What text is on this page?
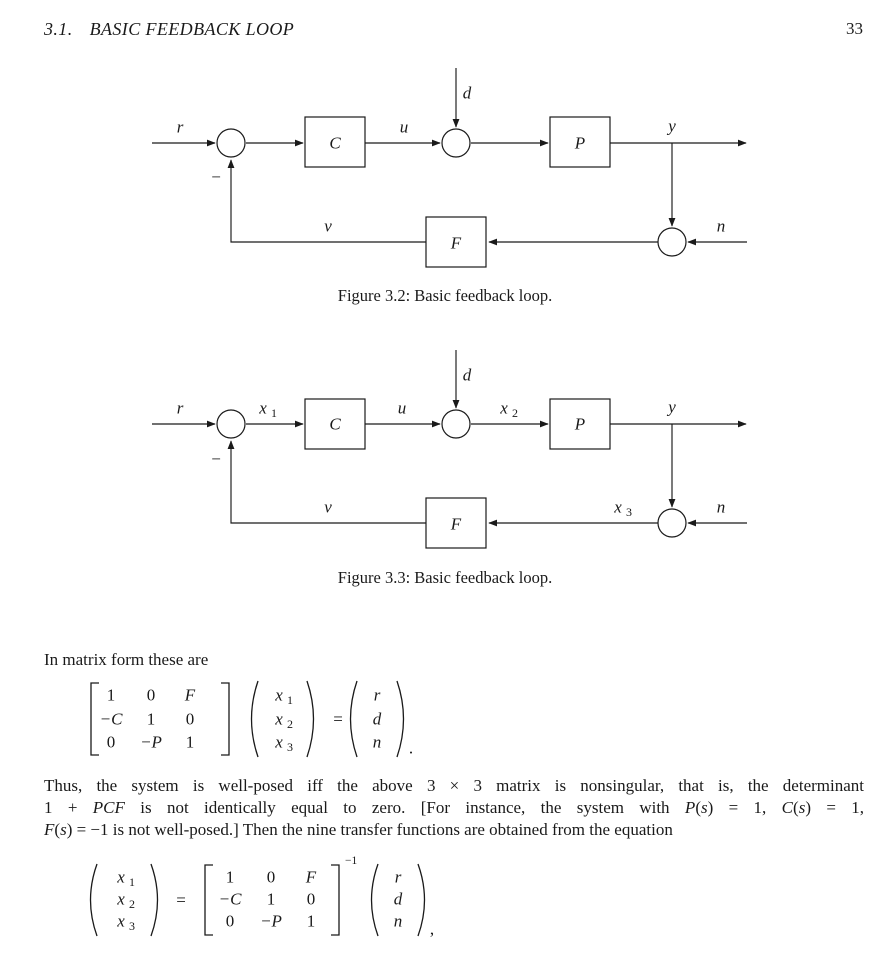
3.1. BASIC FEEDBACK LOOP	33
C	P
F
r	u
d
y
n
v
−
Figure 3.2: Basic feedback loop.
C	P
F
r	x 1	u
d
x 2	y
n
x 3
v
−
Figure 3.3: Basic feedback loop.
In matrix form these are
1 0 F
−C 1 0
0 −P 1
x 1
x 2
x 3
=
r
d
n .
Thus, the system is well-posed iff the above 3 × 3 matrix is nonsingular, that is, the determinant
1 + PCF is not identically equal to zero. [For instance, the system with P(s) = 1, C(s) = 1,
F(s) = −1 is not well-posed.] Then the nine transfer functions are obtained from the equation
x 1
x 2
x 3
=
1 0 F
−C 1 0
0 −P 1
−1
r
d
n ,
